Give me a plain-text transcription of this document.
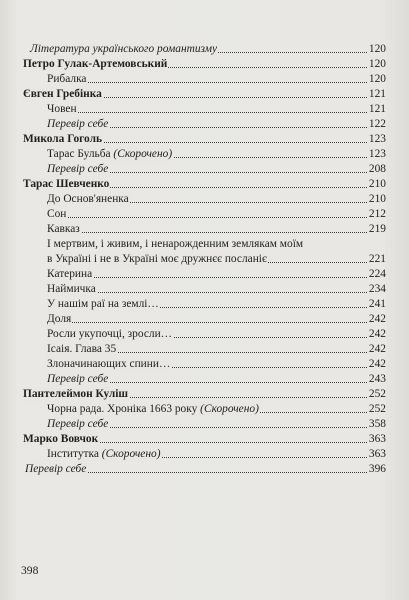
Література українського романтизму	120
Петро Гулак-Артемовський	120
Рибалка	120
Євген Гребінка	121
Човен	121
Перевір себе	122
Микола Гоголь	123
Тарас Бульба (Скорочено)	123
Перевір себе	208
Тарас Шевченко	210
До Основ'яненка	210
Сон	212
Кавказ	219
І мертвим, і живим, і ненарожденним землякам моїм
в Україні і не в Україні моє дружнєє посланіє	221
Катерина	224
Наймичка	234
У нашім раї на землі…	241
Доля	242
Росли укупочці, зросли…	242
Ісаія. Глава 35	242
Злоначинающих спини…	242
Перевір себе	243
Пантелеймон Куліш	252
Чорна рада. Хроніка 1663 року (Скорочено)	252
Перевір себе	358
Марко Вовчок	363
Інститутка (Скорочено)	363
Перевір себе	396
398
